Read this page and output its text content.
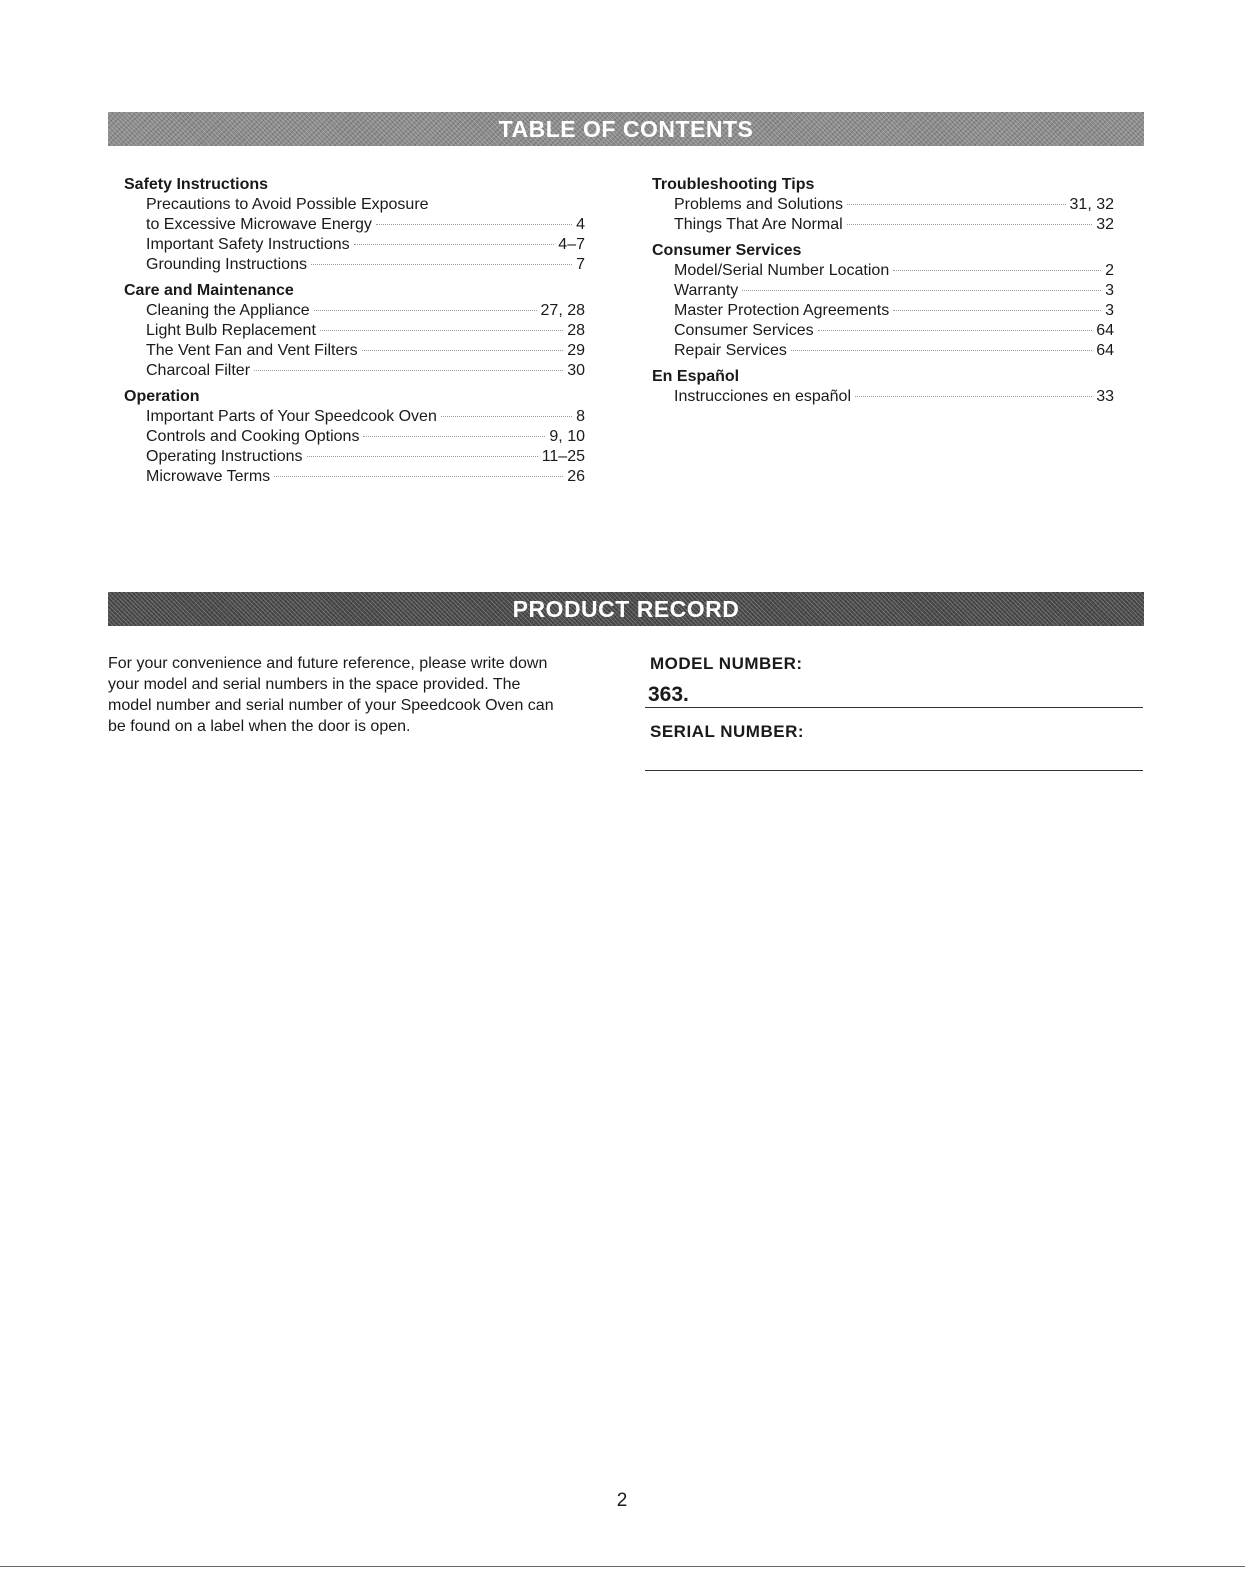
TABLE OF CONTENTS
Safety Instructions
Precautions to Avoid Possible Exposure
to Excessive Microwave Energy	4
Important Safety Instructions	4–7
Grounding Instructions	7
Care and Maintenance
Cleaning the Appliance	27, 28
Light Bulb Replacement	28
The Vent Fan and Vent Filters	29
Charcoal Filter	30
Operation
Important Parts of Your Speedcook Oven	8
Controls and Cooking Options	9, 10
Operating Instructions	11–25
Microwave Terms	26
Troubleshooting Tips
Problems and Solutions	31, 32
Things That Are Normal	32
Consumer Services
Model/Serial Number Location	2
Warranty	3
Master Protection Agreements	3
Consumer Services	64
Repair Services	64
En Español
Instrucciones en español	33
PRODUCT RECORD
For your convenience and future reference, please write down
your model and serial numbers in the space provided. The
model number and serial number of your Speedcook Oven can
be found on a label when the door is open.
MODEL NUMBER:
363.
SERIAL NUMBER:
2
